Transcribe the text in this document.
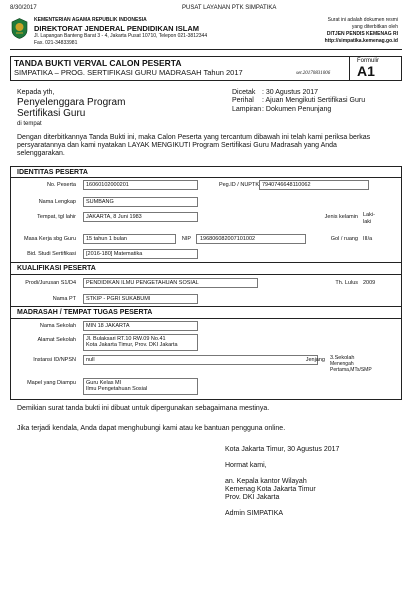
8/30/2017	PUSAT LAYANAN PTK SIMPATIKA
KEMENTERIAN AGAMA REPUBLIK INDONESIA
DIREKTORAT JENDERAL PENDIDIKAN ISLAM
Jl. Lapangan Banteng Barat 3 - 4, Jakarta Pusat 10710, Telepon 021-3812344
Fax. 021-34833981
Surat ini adalah dokumen resmi
yang diterbitkan oleh
DITJEN PENDIS KEMENAG RI
http://simpatika.kemenag.go.id
TANDA BUKTI VERVAL CALON PESERTA
SIMPATIKA – PROG. SERTIFIKASI GURU MADRASAH Tahun 2017	ser.20170831006
Formulir
A1
Kepada yth,
Penyelenggara Program
Sertifikasi Guru
di tempat
Dicetak : 30 Agustus 2017
Perihal : Ajuan Mengikuti Sertifikasi Guru
Lampiran : Dokumen Penunjang
Dengan diterbitkannya Tanda Bukti ini, maka Calon Peserta yang tercantum dibawah ini telah kami periksa berkas
persyaratannya dan kami nyatakan LAYAK MENGIKUTI Program Sertifikasi Guru Madrasah yang Anda
selenggarakan.
IDENTITAS PESERTA
No. Peserta 16060102000201	Peg.ID / NUPTK 7940746648110062
Nama Lengkap SUMBANG
Tempat, tgl lahir JAKARTA, 8 Juni 1983	Jenis kelamin Laki-
laki
Masa Kerja sbg Guru 15 tahun 1 bulan	NIP 196806082007101002	Gol / ruang III/a
Bid. Studi Sertifikasi [2016-180] Matematika
KUALIFIKASI PESERTA
Prodi/Jurusan S1/D4 PENDIDIKAN ILMU PENGETAHUAN SOSIAL	Th. Lulus 2009
Nama PT STKIP - PGRI SUKABUMI
MADRASAH / TEMPAT TUGAS PESERTA
Nama Sekolah MIN 18 JAKARTA
Alamat Sekolah Jl. Bulaksari RT.10 RW.09 No.41
Kota Jakarta Timur, Prov. DKI Jakarta
Instansi ID/NPSN null	Jenjang 3.Sekolah
Menengah
Pertama,MTs/SMP
Mapel yang Diampu Guru Kelas MI
Ilmu Pengetahuan Sosial
Demikian surat tanda bukti ini dibuat untuk dipergunakan sebagaimana mestinya.
Jika terjadi kendala, Anda dapat menghubungi kami atau ke bantuan pengguna online.
Kota Jakarta Timur, 30 Agustus 2017
Hormat kami,
an. Kepala kantor Wilayah
Kemenag Kota Jakarta Timur
Prov. DKI Jakarta
Admin SIMPATIKA
